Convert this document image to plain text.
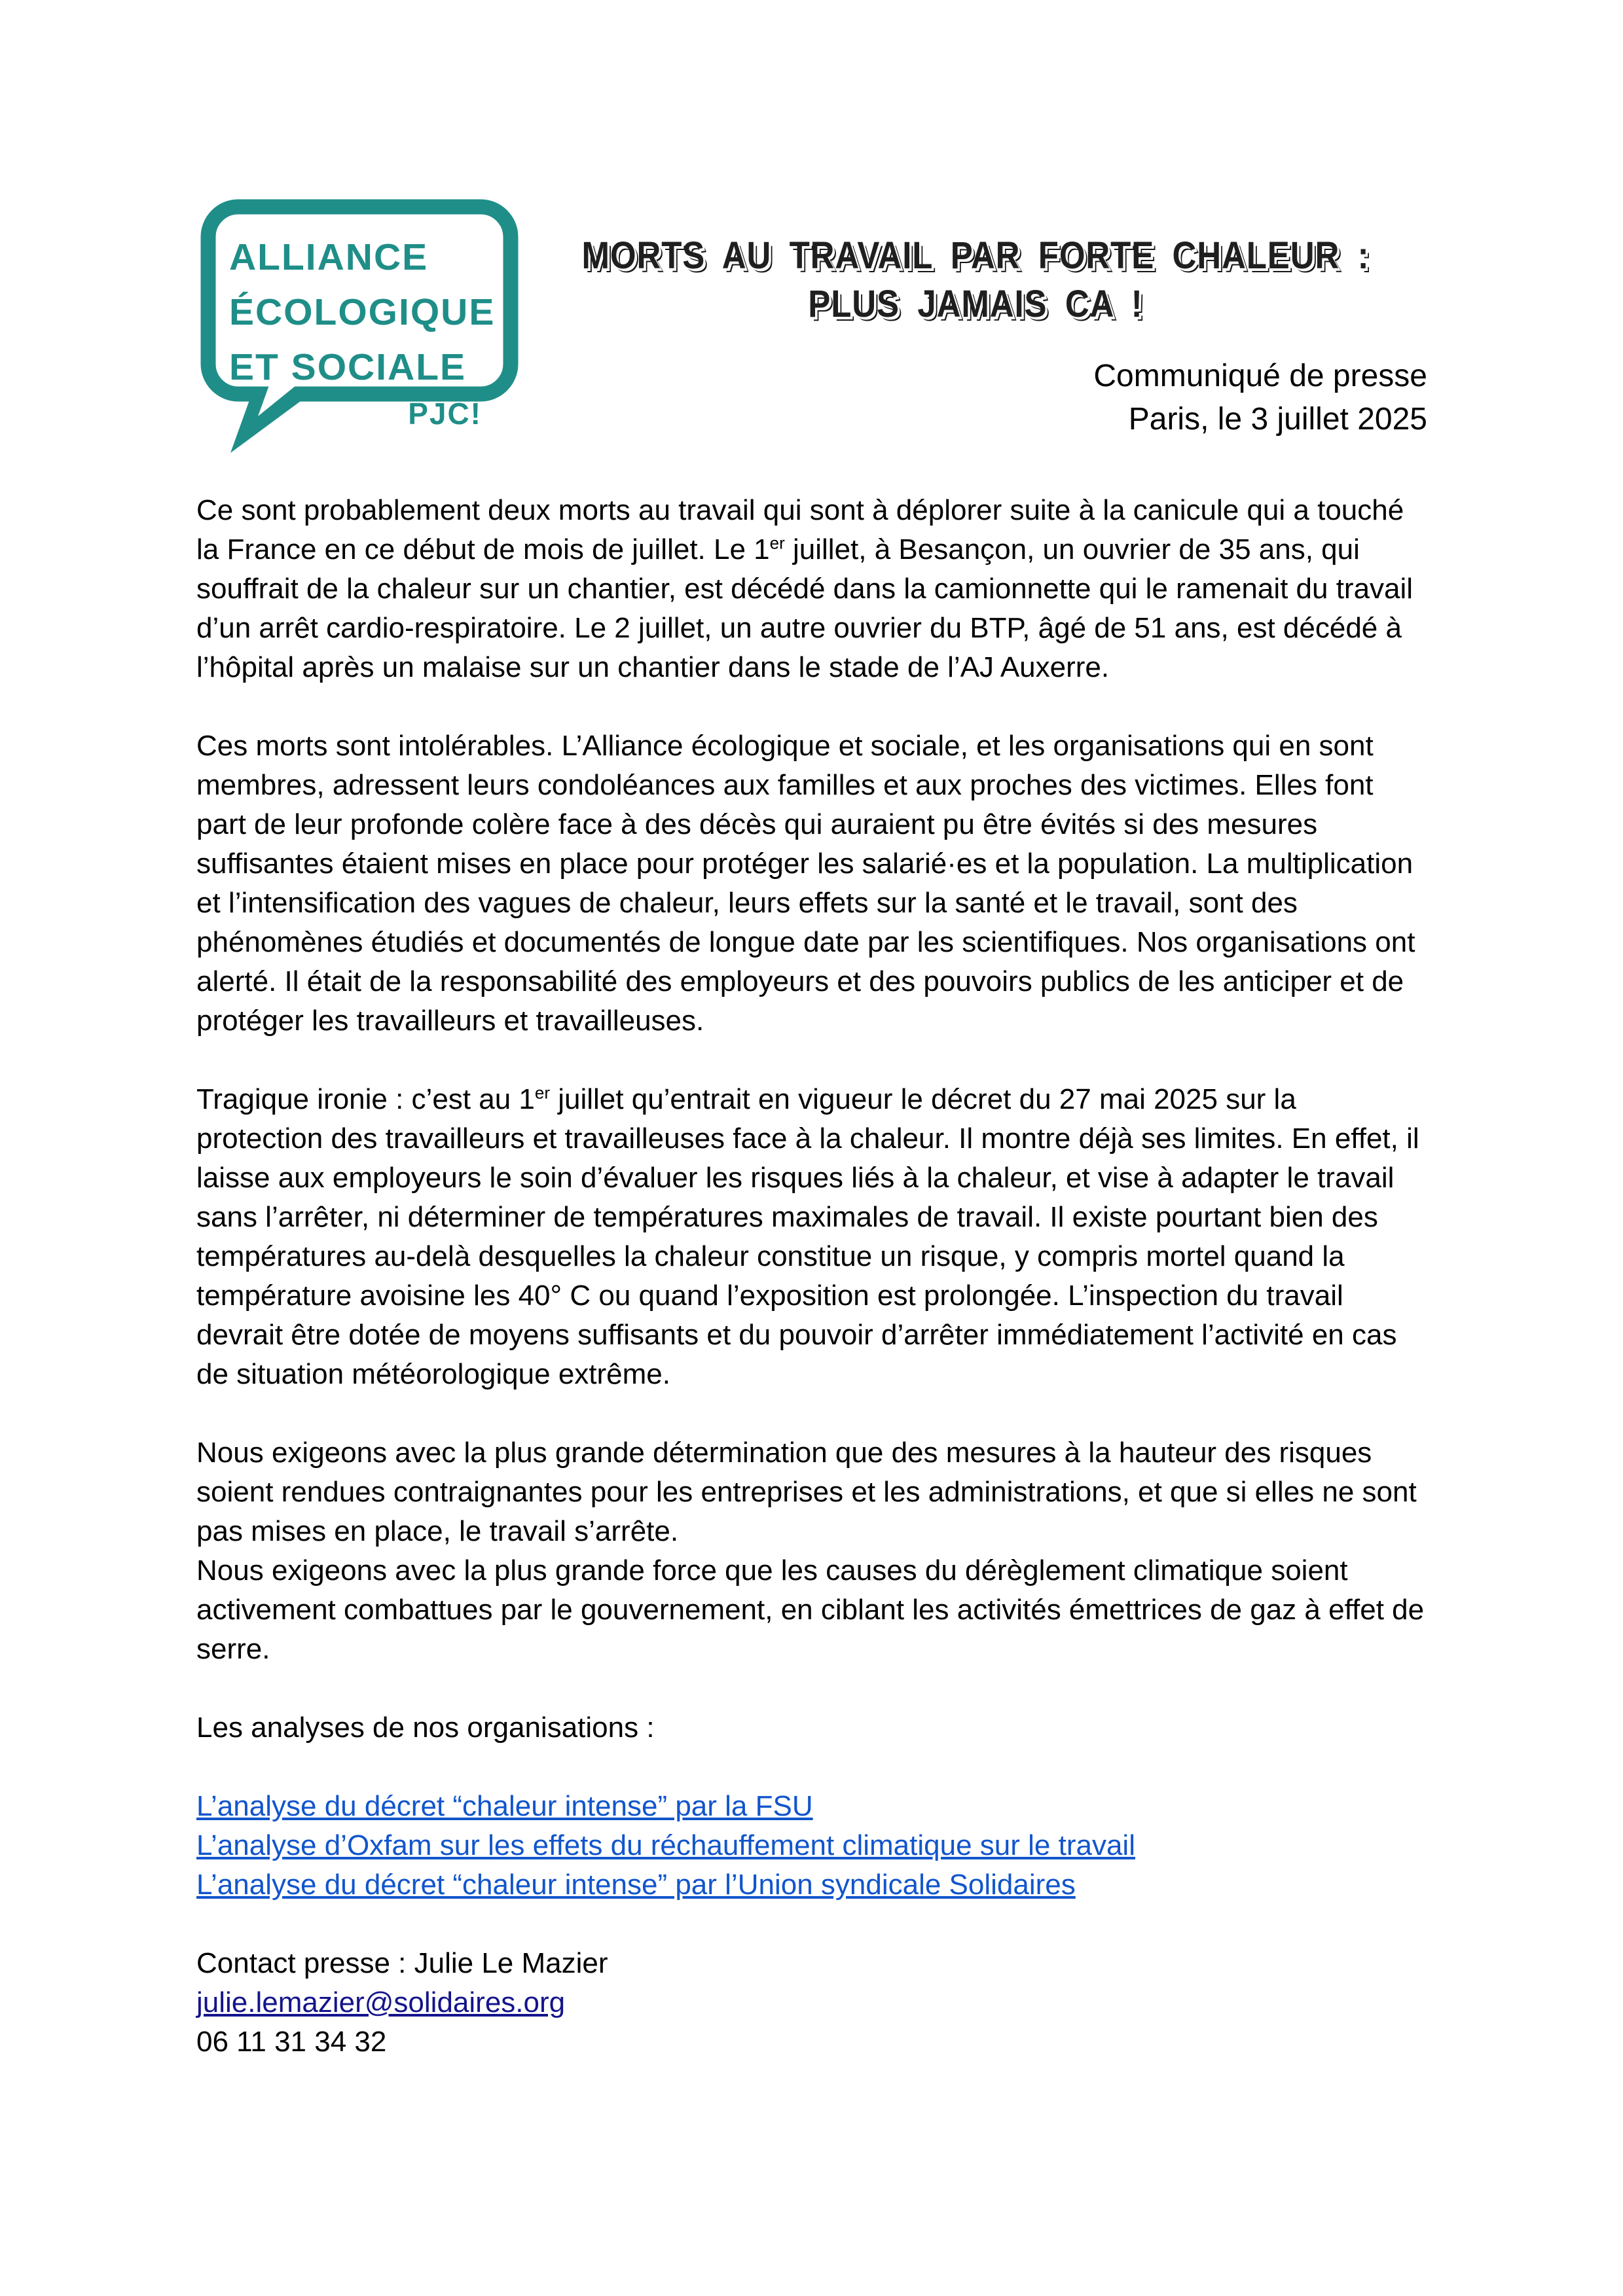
ALLIANCE
ÉCOLOGIQUE
ET SOCIALE
PJC!
MORTS AU TRAVAIL PAR FORTE CHALEUR :
PLUS JAMAIS CA !
Communiqué de presse
Paris, le 3 juillet 2025

Ce sont probablement deux morts au travail qui sont à déplorer suite à la canicule qui a touché la France en ce début de mois de juillet. Le 1er juillet, à Besançon, un ouvrier de 35 ans, qui souffrait de la chaleur sur un chantier, est décédé dans la camionnette qui le ramenait du travail d’un arrêt cardio-respiratoire. Le 2 juillet, un autre ouvrier du BTP, âgé de 51 ans, est décédé à l’hôpital après un malaise sur un chantier dans le stade de l’AJ Auxerre.

Ces morts sont intolérables. L’Alliance écologique et sociale, et les organisations qui en sont membres, adressent leurs condoléances aux familles et aux proches des victimes. Elles font part de leur profonde colère face à des décès qui auraient pu être évités si des mesures suffisantes étaient mises en place pour protéger les salarié·es et la population. La multiplication et l’intensification des vagues de chaleur, leurs effets sur la santé et le travail, sont des phénomènes étudiés et documentés de longue date par les scientifiques. Nos organisations ont alerté. Il était de la responsabilité des employeurs et des pouvoirs publics de les anticiper et de protéger les travailleurs et travailleuses.

Tragique ironie : c’est au 1er juillet qu’entrait en vigueur le décret du 27 mai 2025 sur la protection des travailleurs et travailleuses face à la chaleur. Il montre déjà ses limites. En effet, il laisse aux employeurs le soin d’évaluer les risques liés à la chaleur, et vise à adapter le travail sans l’arrêter, ni déterminer de températures maximales de travail. Il existe pourtant bien des températures au-delà desquelles la chaleur constitue un risque, y compris mortel quand la température avoisine les 40° C ou quand l’exposition est prolongée. L’inspection du travail devrait être dotée de moyens suffisants et du pouvoir d’arrêter immédiatement l’activité en cas de situation météorologique extrême.

Nous exigeons avec la plus grande détermination que des mesures à la hauteur des risques soient rendues contraignantes pour les entreprises et les administrations, et que si elles ne sont pas mises en place, le travail s’arrête.

Nous exigeons avec la plus grande force que les causes du dérèglement climatique soient activement combattues par le gouvernement, en ciblant les activités émettrices de gaz à effet de serre.

Les analyses de nos organisations :

L’analyse du décret “chaleur intense” par la FSU
L’analyse d’Oxfam sur les effets du réchauffement climatique sur le travail
L’analyse du décret “chaleur intense” par l’Union syndicale Solidaires
Contact presse : Julie Le Mazier
julie.lemazier@solidaires.org
06 11 31 34 32
